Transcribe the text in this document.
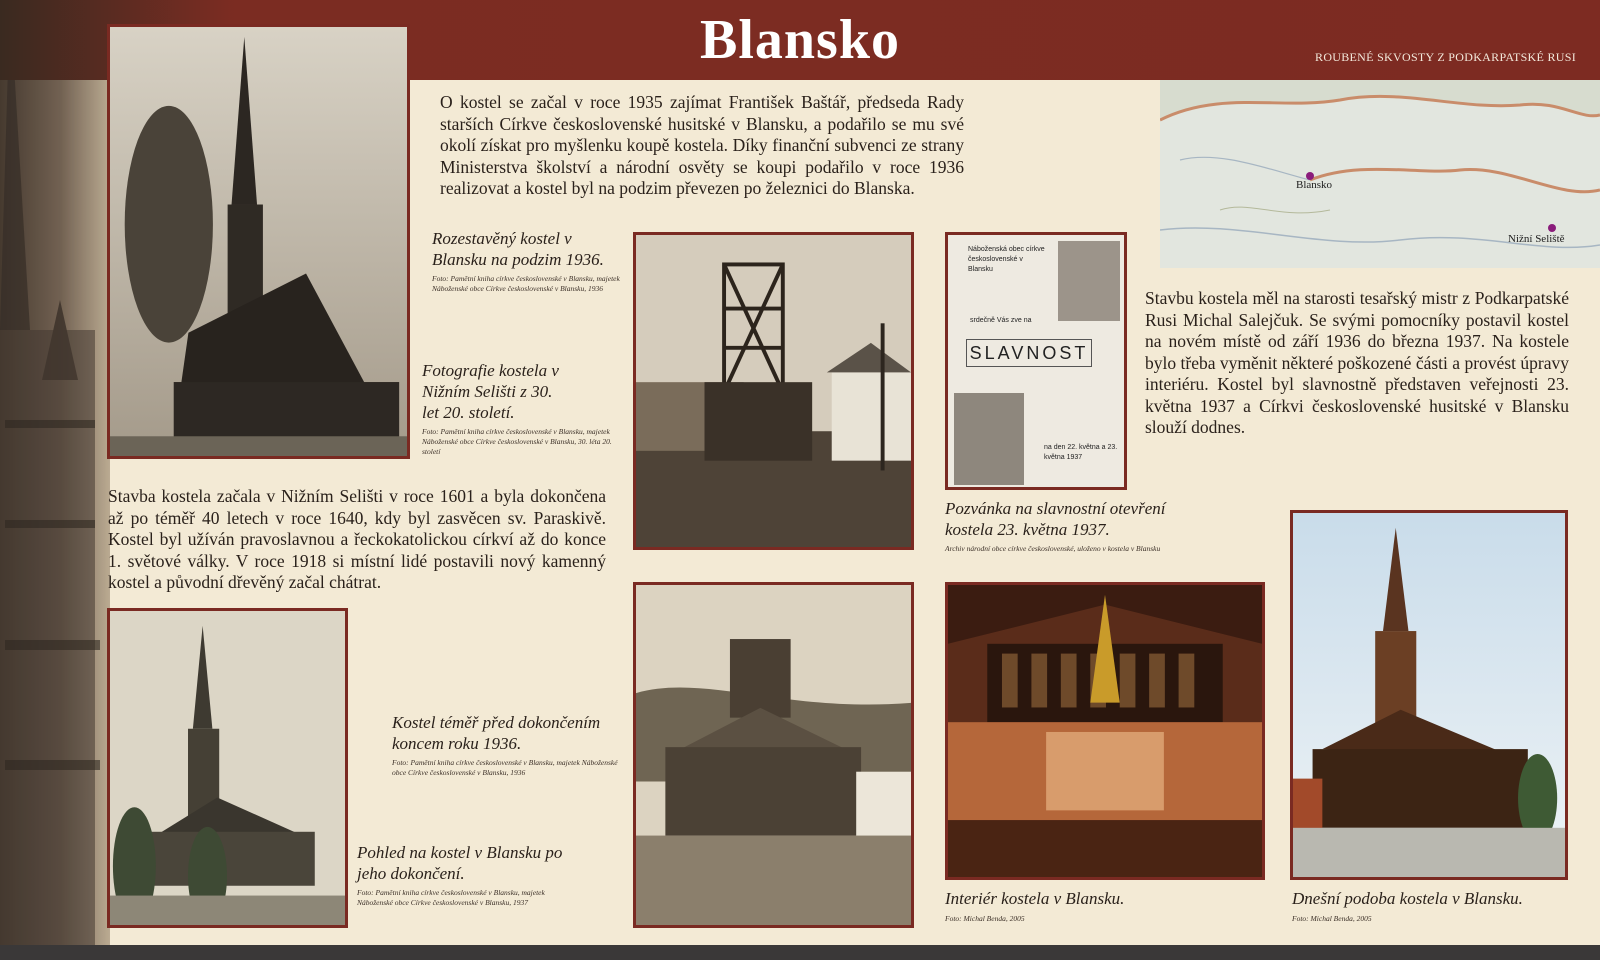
Blansko	ROUBENÉ SKVOSTY Z PODKARPATSKÉ RUSI
Blansko
Nižní Seliště
O kostel se začal v roce 1935 zajímat František Baštář, předseda Rady starších Církve československé husitské v Blansku, a podařilo se mu své okolí získat pro myšlenku koupě kostela. Díky finanční subvenci ze strany Ministerstva školství a národní osvěty se koupi podařilo v roce 1936 realizovat a kostel byl na podzim převezen po železnici do Blanska.
Rozestavěný kostel v Blansku na podzim 1936.
Foto: Pamětní kniha církve československé v Blansku, majetek Náboženské obce Církve československé v Blansku, 1936
Fotografie kostela v Nižním Selišti z 30. let 20. století.
Foto: Pamětní kniha církve československé v Blansku, majetek Náboženské obce Církve československé v Blansku, 30. léta 20. století
Náboženská obec církve československé v Blansku
srdečně Vás zve na
SLAVNOST
na den 22. května a 23. května 1937
Pozvánka na slavnostní otevření kostela 23. května 1937.
Archiv národní obce církve československé, uloženo v kostela v Blansku
Stavbu kostela měl na starosti tesařský mistr z Podkarpatské Rusi Michal Salejčuk. Se svými pomocníky postavil kostel na novém místě od září 1936 do března 1937. Na kostele bylo třeba vyměnit některé poškozené části a provést úpravy interiéru. Kostel byl slavnostně představen veřejnosti 23. května 1937 a Církvi československé husitské v Blansku slouží dodnes.
Stavba kostela začala v Nižním Selišti v roce 1601 a byla dokončena až po téměř 40 letech v roce 1640, kdy byl zasvěcen sv. Paraskivě. Kostel byl užíván pravoslavnou a řeckokatolickou církví až do konce 1. světové války. V roce 1918 si místní lidé postavili nový kamenný kostel a původní dřevěný začal chátrat.
Kostel téměř před dokončením koncem roku 1936.
Foto: Pamětní kniha církve československé v Blansku, majetek Náboženské obce Církve československé v Blansku, 1936
Pohled na kostel v Blansku po jeho dokončení.
Foto: Pamětní kniha církve československé v Blansku, majetek Náboženské obce Církve československé v Blansku, 1937	Interiér kostela v Blansku.
Foto: Michal Benda, 2005
Dnešní podoba kostela v Blansku.
Foto: Michal Benda, 2005
